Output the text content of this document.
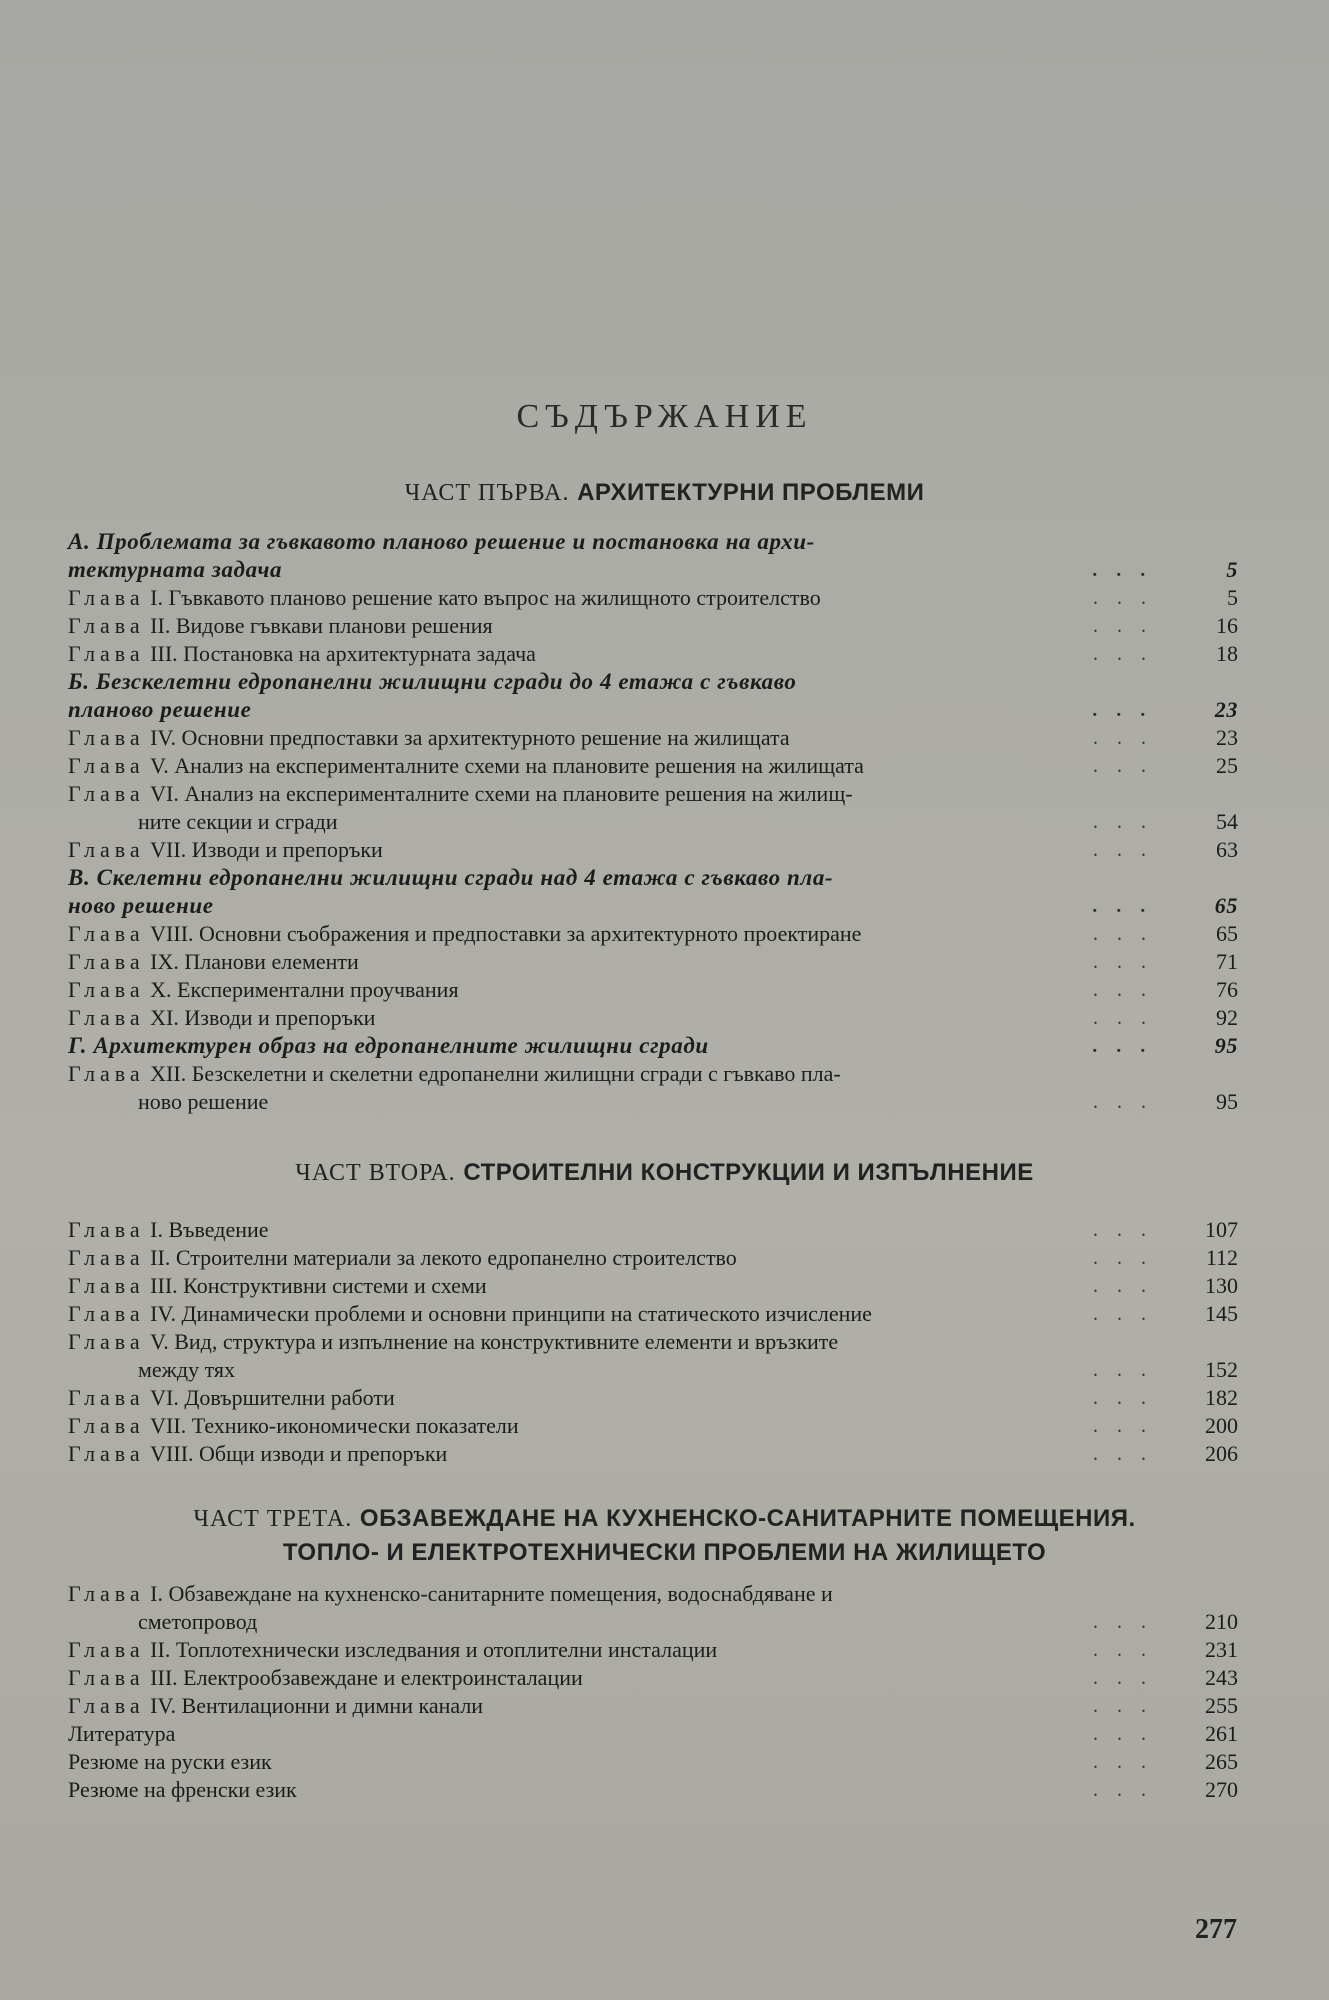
СЪДЪРЖАНИЕ
ЧАСТ ПЪРВА. АРХИТЕКТУРНИ ПРОБЛЕМИ
А. Проблемата за гъвкавото планово решение и постановка на архи-
тектурната задача	. . .	5
Глава I. Гъвкавото планово решение като въпрос на жилищното строителство	. . .	5
Глава II. Видове гъвкави планови решения	. . .	16
Глава III. Постановка на архитектурната задача	. . .	18
Б. Безскелетни едропанелни жилищни сгради до 4 етажа с гъвкаво
планово решение	. . .	23
Глава IV. Основни предпоставки за архитектурното решение на жилищата	. . .	23
Глава V. Анализ на експерименталните схеми на плановите решения на жилищата	. . .	25
Глава VI. Анализ на експерименталните схеми на плановите решения на жилищ-
ните секции и сгради	. . .	54
Глава VII. Изводи и препоръки	. . .	63
В. Скелетни едропанелни жилищни сгради над 4 етажа с гъвкаво пла-
ново решение	. . .	65
Глава VIII. Основни съображения и предпоставки за архитектурното проектиране	. . .	65
Глава IX. Планови елементи	. . .	71
Глава X. Експериментални проучвания	. . .	76
Глава XI. Изводи и препоръки	. . .	92
Г. Архитектурен образ на едропанелните жилищни сгради	. . .	95
Глава XII. Безскелетни и скелетни едропанелни жилищни сгради с гъвкаво пла-
ново решение	. . .	95
ЧАСТ ВТОРА. СТРОИТЕЛНИ КОНСТРУКЦИИ И ИЗПЪЛНЕНИЕ
Глава I. Въведение	. . .	107
Глава II. Строителни материали за лекото едропанелно строителство	. . .	112
Глава III. Конструктивни системи и схеми	. . .	130
Глава IV. Динамически проблеми и основни принципи на статическото изчисление	. . .	145
Глава V. Вид, структура и изпълнение на конструктивните елементи и връзките
между тях	. . .	152
Глава VI. Довършителни работи	. . .	182
Глава VII. Технико-икономически показатели	. . .	200
Глава VIII. Общи изводи и препоръки	. . .	206
ЧАСТ ТРЕТА. ОБЗАВЕЖДАНЕ НА КУХНЕНСКО-САНИТАРНИТЕ ПОМЕЩЕНИЯ.
ТОПЛО- И ЕЛЕКТРОТЕХНИЧЕСКИ ПРОБЛЕМИ НА ЖИЛИЩЕТО
Глава I. Обзавеждане на кухненско-санитарните помещения, водоснабдяване и
сметопровод	. . .	210
Глава II. Топлотехнически изследвания и отоплителни инсталации	. . .	231
Глава III. Електрообзавеждане и електроинсталации	. . .	243
Глава IV. Вентилационни и димни канали	. . .	255
Литература	. . .	261
Резюме на руски език	. . .	265
Резюме на френски език	. . .	270
277
